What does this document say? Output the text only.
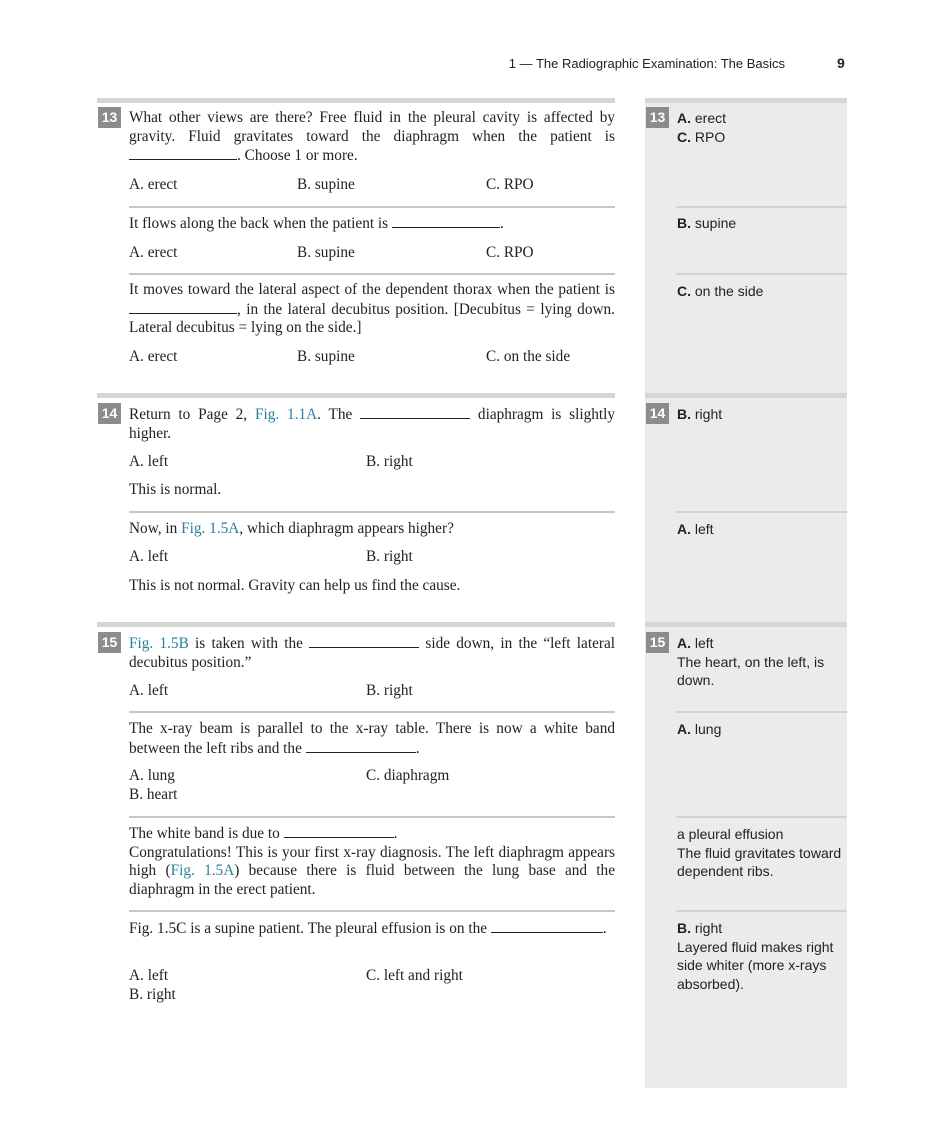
1 — The Radiographic Examination: The Basics	9
13	13
What other views are there? Free fluid in the pleural cavity is affected by gravity. Fluid gravitates toward the diaphragm when the patient is . Choose 1 or more.
A. erect	B. supine	C. RPO
It flows along the back when the patient is	.
A. erect	B. supine	C. RPO
It moves toward the lateral aspect of the dependent thorax when the patient is , in the lateral decubitus position. [Decubitus = lying down. Lateral decubitus = lying on the side.]
A. erect	B. supine	C. on the side
A. erect
C. RPO
B. supine
C. on the side
14	14
Return to Page 2, Fig. 1.1A. The	diaphragm is slightly higher.
A. left	B. right
This is normal.
Now, in Fig. 1.5A, which diaphragm appears higher?
A. left	B. right
This is not normal. Gravity can help us find the cause.
B. right
A. left
15	15
Fig. 1.5B is taken with the	side down, in the “left lateral decubitus position.”
A. left	B. right
The x-ray beam is parallel to the x-ray table. There is now a white band between the left ribs and the	.
A. lung	C. diaphragm
B. heart
The white band is due to	.
Congratulations! This is your first x-ray diagnosis. The left diaphragm appears high (Fig. 1.5A) because there is fluid between the lung base and the diaphragm in the erect patient.
Fig. 1.5C is a supine patient. The pleural effusion is on the	.
A. left	C. left and right
B. right
A. left
The heart, on the left, is down.
A. lung
a pleural effusion
The fluid gravitates toward dependent ribs.
B. right
Layered fluid makes right side whiter (more x-rays absorbed).
